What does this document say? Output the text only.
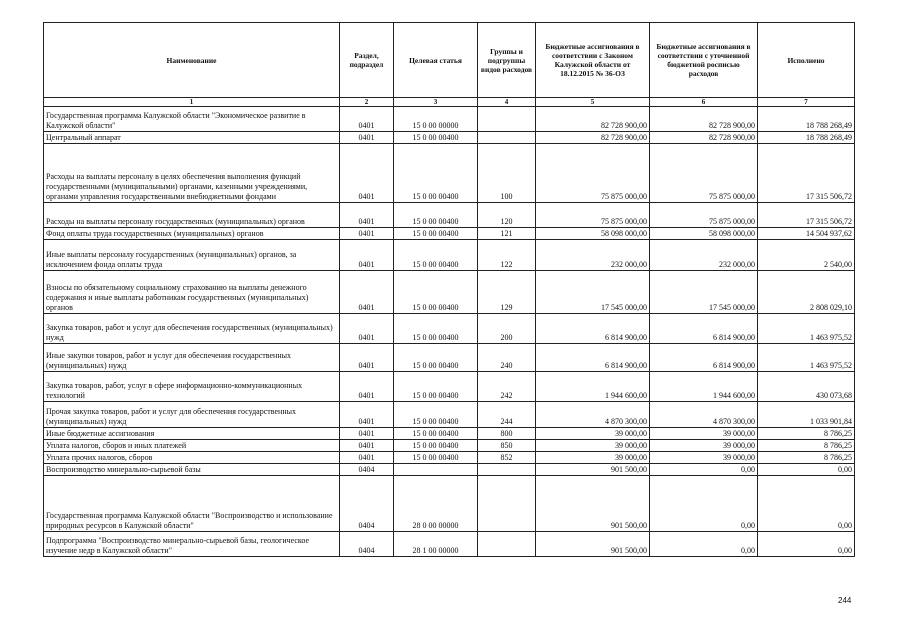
Наименование	Раздел, подраздел	Целевая статья	Группы и подгруппы видов расходов	Бюджетные ассигнования в соответствии с Законом Калужской области от 18.12.2015 № 36-ОЗ	Бюджетные ассигнования в соответствии с уточненной бюджетной росписью расходов	Исполнено
1	2	3	4	5	6	7
Государственная программа Калужской области "Экономическое развитие в Калужской области"	0401	15 0 00 00000		82 728 900,00	82 728 900,00	18 788 268,49
Центральный аппарат	0401	15 0 00 00400		82 728 900,00	82 728 900,00	18 788 268,49
Расходы на выплаты персоналу в целях обеспечения выполнения функций государственными (муниципальными) органами, казенными учреждениями, органами управления государственными внебюджетными фондами	0401	15 0 00 00400	100	75 875 000,00	75 875 000,00	17 315 506,72
Расходы на выплаты персоналу государственных (муниципальных) органов	0401	15 0 00 00400	120	75 875 000,00	75 875 000,00	17 315 506,72
Фонд оплаты труда государственных (муниципальных) органов	0401	15 0 00 00400	121	58 098 000,00	58 098 000,00	14 504 937,62
Иные выплаты персоналу государственных (муниципальных) органов, за исключением фонда оплаты труда	0401	15 0 00 00400	122	232 000,00	232 000,00	2 540,00
Взносы по обязательному социальному страхованию на выплаты денежного содержания и иные выплаты работникам государственных (муниципальных) органов	0401	15 0 00 00400	129	17 545 000,00	17 545 000,00	2 808 029,10
Закупка товаров, работ и услуг для обеспечения государственных (муниципальных) нужд	0401	15 0 00 00400	200	6 814 900,00	6 814 900,00	1 463 975,52
Иные закупки товаров, работ и услуг для обеспечения государственных (муниципальных) нужд	0401	15 0 00 00400	240	6 814 900,00	6 814 900,00	1 463 975,52
Закупка товаров, работ, услуг в сфере информационно-коммуникационных технологий	0401	15 0 00 00400	242	1 944 600,00	1 944 600,00	430 073,68
Прочая закупка товаров, работ и услуг для обеспечения государственных (муниципальных) нужд	0401	15 0 00 00400	244	4 870 300,00	4 870 300,00	1 033 901,84
Иные бюджетные ассигнования	0401	15 0 00 00400	800	39 000,00	39 000,00	8 786,25
Уплата налогов, сборов и иных платежей	0401	15 0 00 00400	850	39 000,00	39 000,00	8 786,25
Уплата прочих налогов, сборов	0401	15 0 00 00400	852	39 000,00	39 000,00	8 786,25
Воспроизводство минерально-сырьевой базы	0404			901 500,00	0,00	0,00
Государственная программа Калужской области "Воспроизводство и использование природных ресурсов в Калужской области"	0404	28 0 00 00000		901 500,00	0,00	0,00
Подпрограмма "Воспроизводство минерально-сырьевой базы, геологическое изучение недр в Калужской области"	0404	28 1 00 00000		901 500,00	0,00	0,00
244
